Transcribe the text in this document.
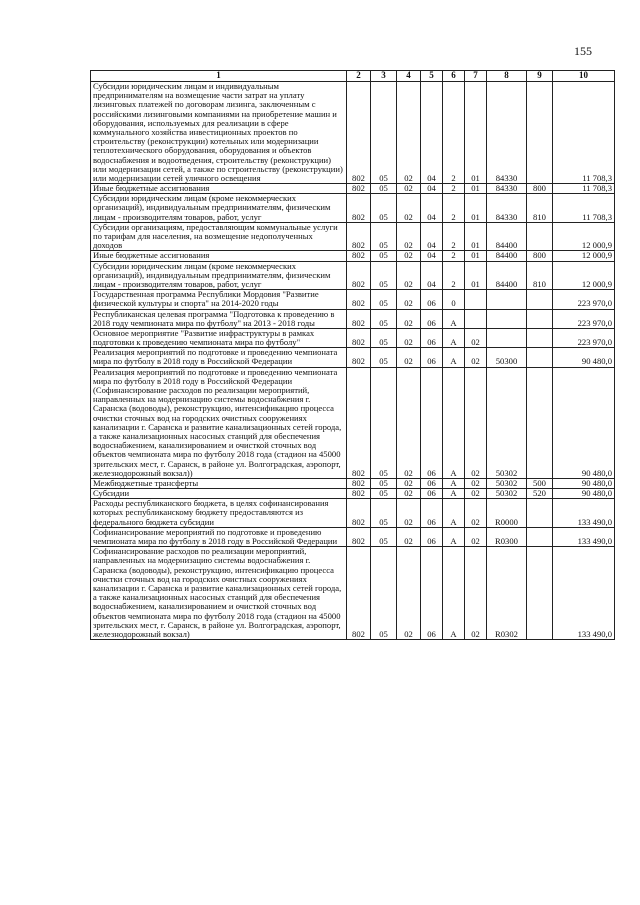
155
1	2	3	4	5	6	7	8	9	10
Субсидии юридическим лицам и индивидуальным предпринимателям на возмещение части затрат на уплату лизинговых платежей по договорам лизинга, заключенным с российскими лизинговыми компаниями на приобретение машин и оборудования, используемых для реализации в сфере коммунального хозяйства инвестиционных проектов по строительству (реконструкции) котельных или модернизации теплотехнического оборудования, оборудования и объектов водоснабжения и водоотведения, строительству (реконструкции) или модернизации сетей, а также по строительству (реконструкции) или модернизации сетей уличного освещения	802	05	02	04	2	01	84330		11 708,3
Иные бюджетные ассигнования	802	05	02	04	2	01	84330	800	11 708,3
Субсидии юридическим лицам (кроме некоммерческих организаций), индивидуальным предпринимателям, физическим лицам - производителям товаров, работ, услуг	802	05	02	04	2	01	84330	810	11 708,3
Субсидии организациям, предоставляющим коммунальные услуги по тарифам для населения, на возмещение недополученных доходов	802	05	02	04	2	01	84400		12 000,9
Иные бюджетные ассигнования	802	05	02	04	2	01	84400	800	12 000,9
Субсидии юридическим лицам (кроме некоммерческих организаций), индивидуальным предпринимателям, физическим лицам - производителям товаров, работ, услуг	802	05	02	04	2	01	84400	810	12 000,9
Государственная программа Республики Мордовия "Развитие физической культуры и спорта" на 2014-2020 годы	802	05	02	06	0				223 970,0
Республиканская целевая программа "Подготовка к проведению в 2018 году чемпионата мира по футболу" на 2013 - 2018 годы	802	05	02	06	А				223 970,0
Основное мероприятие "Развитие инфраструктуры в рамках подготовки к проведению чемпионата мира по футболу"	802	05	02	06	А	02			223 970,0
Реализация мероприятий по подготовке и проведению чемпионата мира по футболу в 2018 году в Российской Федерации	802	05	02	06	А	02	50300		90 480,0
Реализация мероприятий по подготовке и проведению чемпионата мира по футболу в 2018 году в Российской Федерации (Софинансирование расходов по реализации мероприятий, направленных на модернизацию системы водоснабжения г. Саранска (водоводы), реконструкцию, интенсификацию процесса очистки сточных вод на городских очистных сооружениях канализации г. Саранска и развитие канализационных сетей города, а также канализационных насосных станций для обеспечения водоснабжением, канализированием и очисткой сточных вод объектов чемпионата мира по футболу 2018 года (стадион на 45000 зрительских мест, г. Саранск, в районе ул. Волгоградская, аэропорт, железнодорожный вокзал))	802	05	02	06	А	02	50302		90 480,0
Межбюджетные трансферты	802	05	02	06	А	02	50302	500	90 480,0
Субсидии	802	05	02	06	А	02	50302	520	90 480,0
Расходы республиканского бюджета, в целях софинансирования которых республиканскому бюджету предоставляются из федерального бюджета субсидии	802	05	02	06	А	02	R0000		133 490,0
Софинансирование мероприятий по подготовке и проведению чемпионата мира по футболу в 2018 году в Российской Федерации	802	05	02	06	А	02	R0300		133 490,0
Софинансирование расходов по реализации мероприятий, направленных на модернизацию системы водоснабжения г. Саранска (водоводы), реконструкцию, интенсификацию процесса очистки сточных вод на городских очистных сооружениях канализации г. Саранска и развитие канализационных сетей города, а также канализационных насосных станций для обеспечения водоснабжением, канализированием и очисткой сточных вод объектов чемпионата мира по футболу 2018 года (стадион на 45000 зрительских мест, г. Саранск, в районе ул. Волгоградская, аэропорт, железнодорожный вокзал)	802	05	02	06	А	02	R0302		133 490,0
